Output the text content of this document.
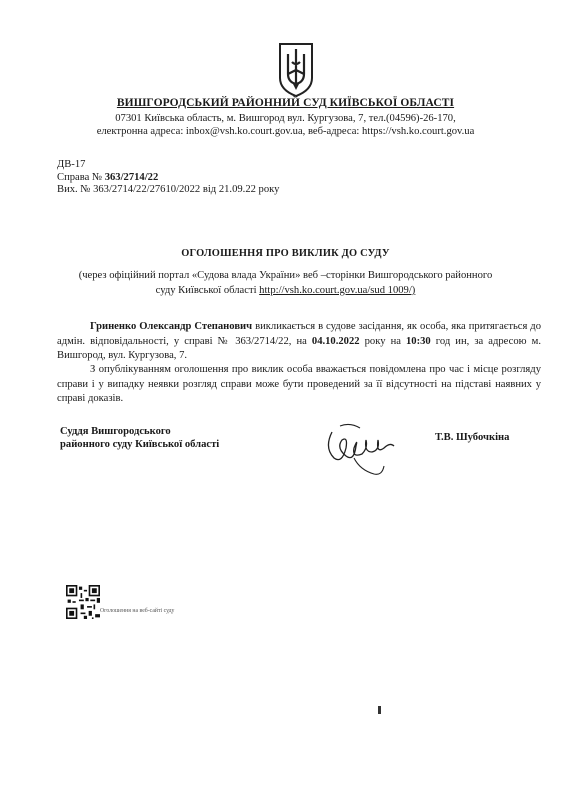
ВИШГОРОДСЬКИЙ РАЙОННИЙ СУД КИЇВСЬКОЇ ОБЛАСТІ
07301 Київська область, м. Вишгород вул. Кургузова, 7, тел.(04596)-26-170,
електронна адреса: inbox@vsh.ko.court.gov.ua, веб-адреса: https://vsh.ko.court.gov.ua
ДВ-17
Справа № 363/2714/22
Вих. № 363/2714/22/27610/2022 від 21.09.22 року
ОГОЛОШЕННЯ ПРО ВИКЛИК ДО СУДУ
(через офіційний портал «Судова влада України» веб –сторінки Вишгородського районного
суду Київської області http://vsh.ko.court.gov.ua/sud 1009/)
Гриненко Олександр Степанович викликається в судове засідання, як особа, яка притягається до адмін. відповідальності, у справі № 363/2714/22, на 04.10.2022 року на 10:30 год ин, за адресою м. Вишгород, вул. Кургузова, 7.
З опублікуванням оголошення про виклик особа вважається повідомлена про час і місце розгляду справи і у випадку неявки розгляд справи може бути проведений за її відсутності на підставі наявних у справі доказів.
Суддя Вишгородського
районного суду Київської області
Т.В. Шубочкіна
Оголошення на веб-сайті суду
